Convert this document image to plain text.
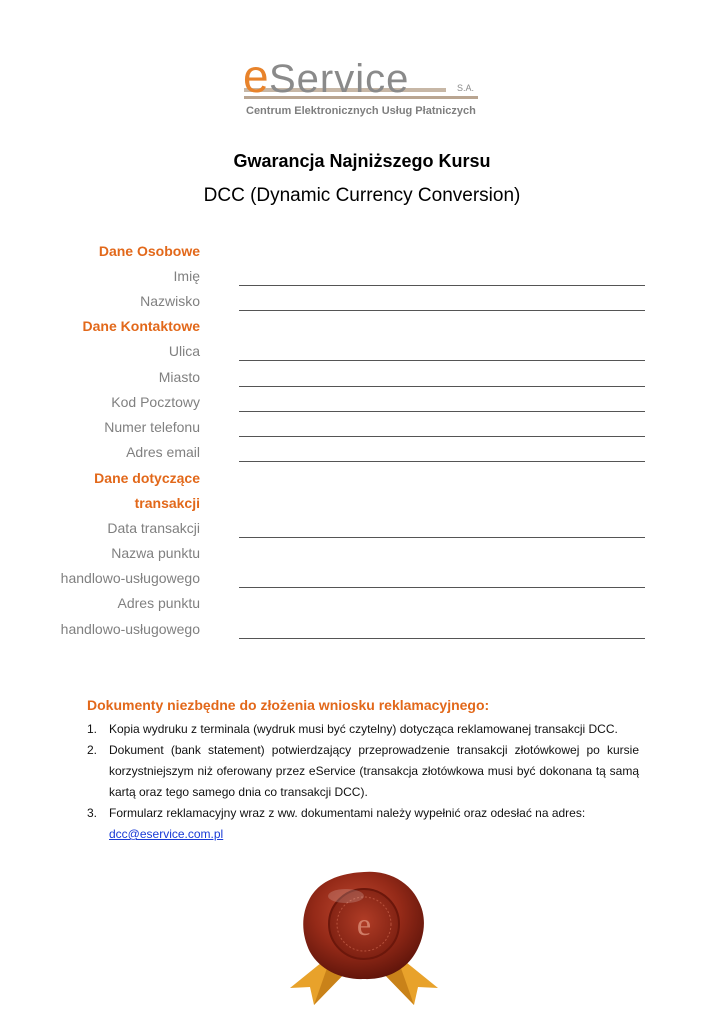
e Service	S.A.
Centrum Elektronicznych Usług Płatniczych
Gwarancja Najniższego Kursu
DCC (Dynamic Currency Conversion)
Dane Osobowe
Imię
Nazwisko
Dane Kontaktowe
Ulica
Miasto
Kod Pocztowy
Numer telefonu
Adres email
Dane dotyczące
transakcji
Data transakcji
Nazwa punktu
handlowo-usługowego
Adres punktu
handlowo-usługowego
Dokumenty niezbędne do złożenia wniosku reklamacyjnego:
1. Kopia wydruku z terminala (wydruk musi być czytelny) dotycząca reklamowanej transakcji DCC.
2. Dokument (bank statement) potwierdzający przeprowadzenie transakcji złotówkowej po kursie korzystniejszym niż oferowany przez eService (transakcja złotówkowa musi być dokonana tą samą kartą oraz tego samego dnia co transakcji DCC).
3. Formularz reklamacyjny wraz z ww. dokumentami należy wypełnić oraz odesłać na adres:
dcc@eservice.com.pl
e
